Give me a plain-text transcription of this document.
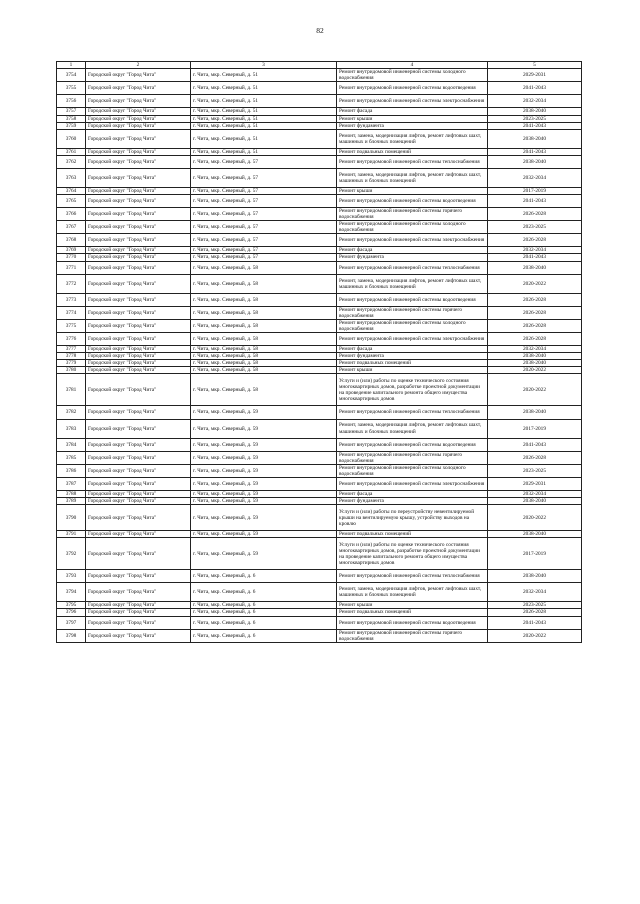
82
1	2	3	4	5
3754	Городской округ "Город Чита"	г. Чита, мкр. Северный, д. 51	Ремонт внутридомовой инженерной системы холодного водоснабжения	2029-2031
3755	Городской округ "Город Чита"	г. Чита, мкр. Северный, д. 51	Ремонт внутридомовой инженерной системы водоотведения	2041-2043
3756	Городской округ "Город Чита"	г. Чита, мкр. Северный, д. 51	Ремонт внутридомовой инженерной системы электроснабжения	2032-2034
3757	Городской округ "Город Чита"	г. Чита, мкр. Северный, д. 51	Ремонт фасада	2038-2040
3758	Городской округ "Город Чита"	г. Чита, мкр. Северный, д. 51	Ремонт крыши	2023-2025
3759	Городской округ "Город Чита"	г. Чита, мкр. Северный, д. 51	Ремонт фундамента	2041-2043
3760	Городской округ "Город Чита"	г. Чита, мкр. Северный, д. 51	Ремонт, замена, модернизация лифтов, ремонт лифтовых шахт, машинных и блочных помещений	2038-2040
3761	Городской округ "Город Чита"	г. Чита, мкр. Северный, д. 51	Ремонт подвальных помещений	2041-2043
3762	Городской округ "Город Чита"	г. Чита, мкр. Северный, д. 57	Ремонт внутридомовой инженерной системы теплоснабжения	2038-2040
3763	Городской округ "Город Чита"	г. Чита, мкр. Северный, д. 57	Ремонт, замена, модернизация лифтов, ремонт лифтовых шахт, машинных и блочных помещений	2032-2034
3764	Городской округ "Город Чита"	г. Чита, мкр. Северный, д. 57	Ремонт крыши	2017-2019
3765	Городской округ "Город Чита"	г. Чита, мкр. Северный, д. 57	Ремонт внутридомовой инженерной системы водоотведения	2041-2043
3766	Городской округ "Город Чита"	г. Чита, мкр. Северный, д. 57	Ремонт внутридомовой инженерной системы горячего водоснабжения	2026-2028
3767	Городской округ "Город Чита"	г. Чита, мкр. Северный, д. 57	Ремонт внутридомовой инженерной системы холодного водоснабжения	2023-2025
3768	Городской округ "Город Чита"	г. Чита, мкр. Северный, д. 57	Ремонт внутридомовой инженерной системы электроснабжения	2026-2028
3769	Городской округ "Город Чита"	г. Чита, мкр. Северный, д. 57	Ремонт фасада	2032-2034
3770	Городской округ "Город Чита"	г. Чита, мкр. Северный, д. 57	Ремонт фундамента	2041-2043
3771	Городской округ "Город Чита"	г. Чита, мкр. Северный, д. 58	Ремонт внутридомовой инженерной системы теплоснабжения	2038-2040
3772	Городской округ "Город Чита"	г. Чита, мкр. Северный, д. 58	Ремонт, замена, модернизация лифтов, ремонт лифтовых шахт, машинных и блочных помещений	2020-2022
3773	Городской округ "Город Чита"	г. Чита, мкр. Северный, д. 58	Ремонт внутридомовой инженерной системы водоотведения	2026-2028
3774	Городской округ "Город Чита"	г. Чита, мкр. Северный, д. 58	Ремонт внутридомовой инженерной системы горячего водоснабжения	2026-2028
3775	Городской округ "Город Чита"	г. Чита, мкр. Северный, д. 58	Ремонт внутридомовой инженерной системы холодного водоснабжения	2026-2028
3776	Городской округ "Город Чита"	г. Чита, мкр. Северный, д. 58	Ремонт внутридомовой инженерной системы электроснабжения	2026-2028
3777	Городской округ "Город Чита"	г. Чита, мкр. Северный, д. 58	Ремонт фасада	2032-2034
3778	Городской округ "Город Чита"	г. Чита, мкр. Северный, д. 58	Ремонт фундамента	2038-2040
3779	Городской округ "Город Чита"	г. Чита, мкр. Северный, д. 58	Ремонт подвальных помещений	2038-2040
3780	Городской округ "Город Чита"	г. Чита, мкр. Северный, д. 58	Ремонт крыши	2020-2022
3781	Городской округ "Город Чита"	г. Чита, мкр. Северный, д. 58	Услуги и (или) работы по оценке технического состояния многоквартирных домов, разработке проектной документации на проведение капитального ремонта общего имущества многоквартирных домов	2020-2022
3782	Городской округ "Город Чита"	г. Чита, мкр. Северный, д. 59	Ремонт внутридомовой инженерной системы теплоснабжения	2038-2040
3783	Городской округ "Город Чита"	г. Чита, мкр. Северный, д. 59	Ремонт, замена, модернизация лифтов, ремонт лифтовых шахт, машинных и блочных помещений	2017-2019
3784	Городской округ "Город Чита"	г. Чита, мкр. Северный, д. 59	Ремонт внутридомовой инженерной системы водоотведения	2041-2043
3785	Городской округ "Город Чита"	г. Чита, мкр. Северный, д. 59	Ремонт внутридомовой инженерной системы горячего водоснабжения	2026-2028
3786	Городской округ "Город Чита"	г. Чита, мкр. Северный, д. 59	Ремонт внутридомовой инженерной системы холодного водоснабжения	2023-2025
3787	Городской округ "Город Чита"	г. Чита, мкр. Северный, д. 59	Ремонт внутридомовой инженерной системы электроснабжения	2029-2031
3788	Городской округ "Город Чита"	г. Чита, мкр. Северный, д. 59	Ремонт фасада	2032-2034
3789	Городской округ "Город Чита"	г. Чита, мкр. Северный, д. 59	Ремонт фундамента	2038-2040
3790	Городской округ "Город Чита"	г. Чита, мкр. Северный, д. 59	Услуги и (или) работы по переустройству невентилируемой крыши на вентилируемую крышу, устройству выходов на кровлю	2020-2022
3791	Городской округ "Город Чита"	г. Чита, мкр. Северный, д. 59	Ремонт подвальных помещений	2038-2040
3792	Городской округ "Город Чита"	г. Чита, мкр. Северный, д. 59	Услуги и (или) работы по оценке технического состояния многоквартирных домов, разработке проектной документации на проведение капитального ремонта общего имущества многоквартирных домов	2017-2019
3793	Городской округ "Город Чита"	г. Чита, мкр. Северный, д. 6	Ремонт внутридомовой инженерной системы теплоснабжения	2038-2040
3794	Городской округ "Город Чита"	г. Чита, мкр. Северный, д. 6	Ремонт, замена, модернизация лифтов, ремонт лифтовых шахт, машинных и блочных помещений	2032-2034
3795	Городской округ "Город Чита"	г. Чита, мкр. Северный, д. 6	Ремонт крыши	2023-2025
3796	Городской округ "Город Чита"	г. Чита, мкр. Северный, д. 6	Ремонт подвальных помещений	2026-2028
3797	Городской округ "Город Чита"	г. Чита, мкр. Северный, д. 6	Ремонт внутридомовой инженерной системы водоотведения	2041-2043
3798	Городской округ "Город Чита"	г. Чита, мкр. Северный, д. 6	Ремонт внутридомовой инженерной системы горячего водоснабжения	2020-2022
